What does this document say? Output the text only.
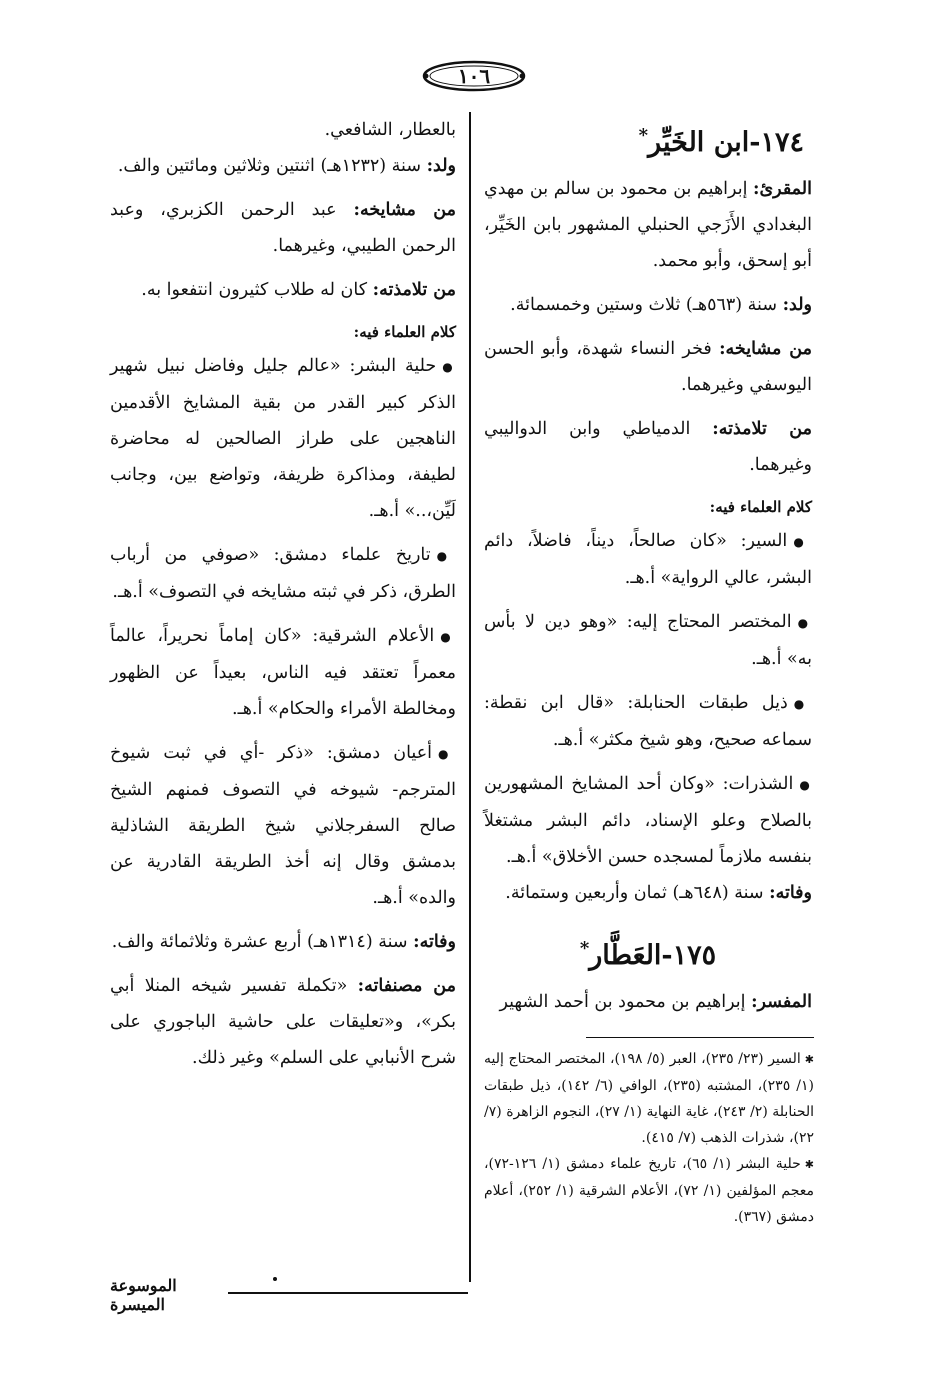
١٠٦
١٧٤-ابن الخَيِّر*

المقرئ: إبراهيم بن محمود بن سالم بن مهدي البغدادي الأَزَجي الحنبلي المشهور بابن الخَيِّر، أبو إسحق، وأبو محمد.

ولد: سنة (٥٦٣هـ) ثلاث وستين وخمسمائة.

من مشايخه: فخر النساء شهدة، وأبو الحسن اليوسفي وغيرهما.

من تلامذته: الدمياطي وابن الدواليبي وغيرهما.

كلام العلماء فيه:

● السير: «كان صالحاً، ديناً، فاضلاً، دائم البشر، عالي الرواية» أ.هـ.

● المختصر المحتاج إليه: «وهو دين لا بأس به» أ.هـ.

● ذيل طبقات الحنابلة: «قال ابن نقطة: سماعه صحيح، وهو شيخ مكثر» أ.هـ.

● الشذرات: «وكان أحد المشايخ المشهورين بالصلاح وعلو الإسناد، دائم البشر مشتغلاً بنفسه ملازماً لمسجده حسن الأخلاق» أ.هـ.

وفاته: سنة (٦٤٨هـ) ثمان وأربعين وستمائة.

١٧٥-العَطَّار*

المفسر: إبراهيم بن محمود بن أحمد الشهير

✱ السير (٢٣/ ٢٣٥)، العبر (٥/ ١٩٨)، المختصر المحتاج إليه (١/ ٢٣٥)، المشتبه (٢٣٥)، الوافي (٦/ ١٤٢)، ذيل طبقات الحنابلة (٢/ ٢٤٣)، غاية النهاية (١/ ٢٧)، النجوم الزاهرة (٧/ ٢٢)، شذرات الذهب (٧/ ٤١٥).

✱ حلية البشر (١/ ٦٥)، تاريخ علماء دمشق (١/ ١٢٦-٧٢)، معجم المؤلفين (١/ ٧٢)، الأعلام الشرقية (١/ ٢٥٢)، أعلام دمشق (٣٦٧).

بالعطار، الشافعي.

ولد: سنة (١٢٣٢هـ) اثنتين وثلاثين ومائتين والف.

من مشايخه: عبد الرحمن الكزبري، وعبد الرحمن الطيبي، وغيرهما.

من تلامذته: كان له طلاب كثيرون انتفعوا به.

كلام العلماء فيه:

● حلية البشر: «عالم جليل وفاضل نبيل شهير الذكر كبير القدر من بقية المشايخ الأقدمين الناهجين على طراز الصالحين له محاضرة لطيفة، ومذاكرة ظريفة، وتواضع بين، وجانب لَيِّن،..» أ.هـ.

● تاريخ علماء دمشق: «صوفي من أرباب الطرق، ذكر في ثبته مشايخه في التصوف» أ.هـ.

● الأعلام الشرقية: «كان إماماً نحريراً، عالماً معمراً تعتقد فيه الناس، بعيداً عن الظهور ومخالطة الأمراء والحكام» أ.هـ.

● أعيان دمشق: «ذكر -أي في ثبت شيوخ المترجم- شيوخه في التصوف فمنهم الشيخ صالح السفرجلاني شيخ الطريقة الشاذلية بدمشق وقال إنه أخذ الطريقة القادرية عن والده» أ.هـ.

وفاته: سنة (١٣١٤هـ) أربع عشرة وثلاثمائة والف.

من مصنفاته: «تكملة تفسير شيخه المنلا أبي بكر»، و«تعليقات على حاشية الباجوري على شرح الأنبابي على السلم» وغير ذلك.

الموسوعة الميسرة
